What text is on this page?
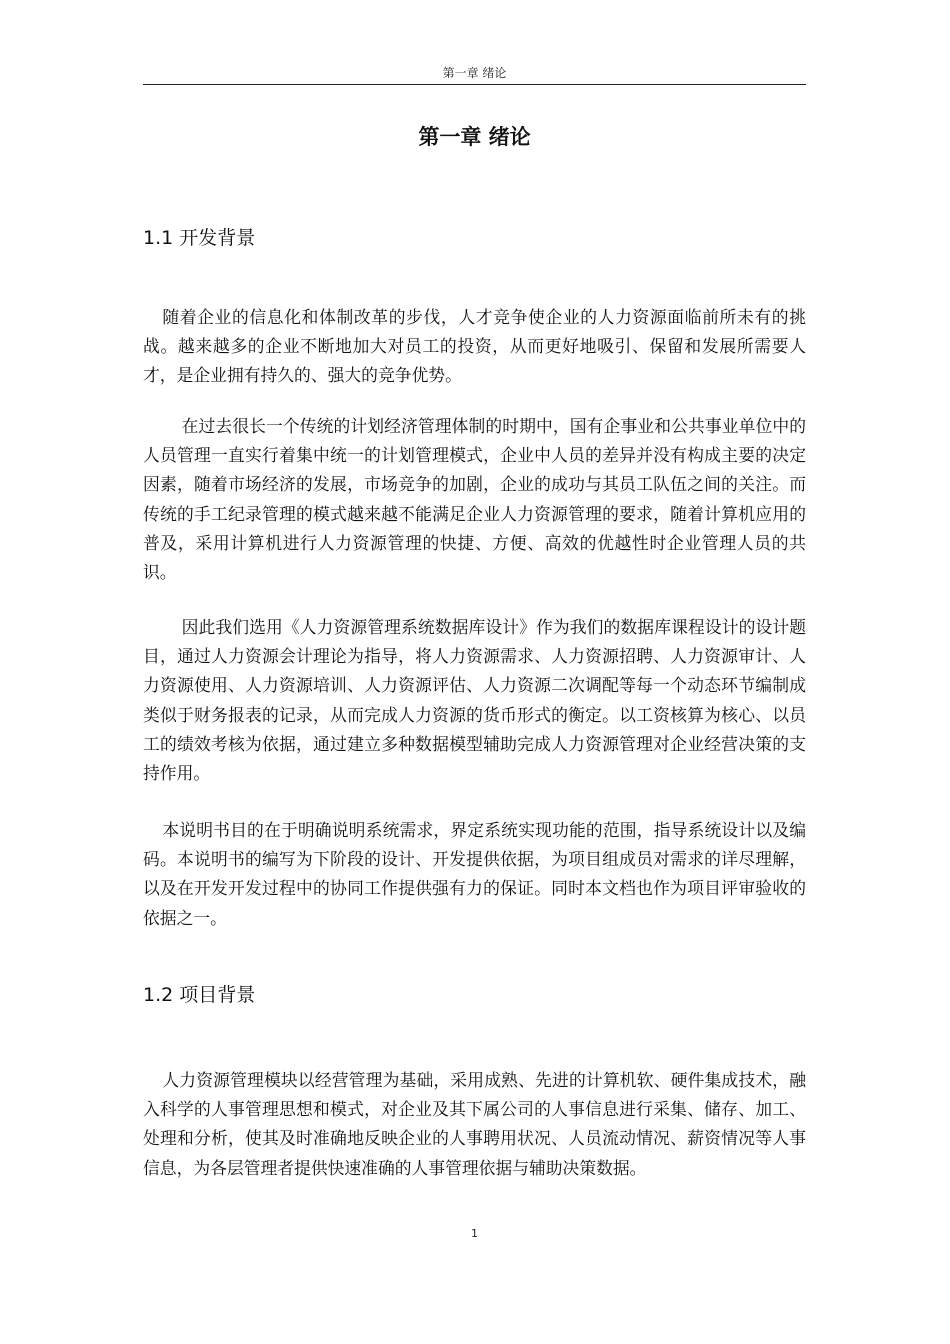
第一章 绪论
第一章 绪论
1.1 开发背景

随着企业的信息化和体制改革的步伐，人才竞争使企业的人力资源面临前所未有的挑战。越来越多的企业不断地加大对员工的投资，从而更好地吸引、保留和发展所需要人才，是企业拥有持久的、强大的竞争优势。

在过去很长一个传统的计划经济管理体制的时期中，国有企事业和公共事业单位中的人员管理一直实行着集中统一的计划管理模式，企业中人员的差异并没有构成主要的决定因素，随着市场经济的发展，市场竞争的加剧，企业的成功与其员工队伍之间的关注。而传统的手工纪录管理的模式越来越不能满足企业人力资源管理的要求，随着计算机应用的普及，采用计算机进行人力资源管理的快捷、方便、高效的优越性时企业管理人员的共识。

因此我们选用《人力资源管理系统数据库设计》作为我们的数据库课程设计的设计题目，通过人力资源会计理论为指导，将人力资源需求、人力资源招聘、人力资源审计、人力资源使用、人力资源培训、人力资源评估、人力资源二次调配等每一个动态环节编制成类似于财务报表的记录，从而完成人力资源的货币形式的衡定。以工资核算为核心、以员工的绩效考核为依据，通过建立多种数据模型辅助完成人力资源管理对企业经营决策的支持作用。

本说明书目的在于明确说明系统需求，界定系统实现功能的范围，指导系统设计以及编码。本说明书的编写为下阶段的设计、开发提供依据，为项目组成员对需求的详尽理解，以及在开发开发过程中的协同工作提供强有力的保证。同时本文档也作为项目评审验收的依据之一。

1.2 项目背景

人力资源管理模块以经营管理为基础，采用成熟、先进的计算机软、硬件集成技术，融入科学的人事管理思想和模式，对企业及其下属公司的人事信息进行采集、储存、加工、处理和分析，使其及时准确地反映企业的人事聘用状况、人员流动情况、薪资情况等人事信息，为各层管理者提供快速准确的人事管理依据与辅助决策数据。

1
